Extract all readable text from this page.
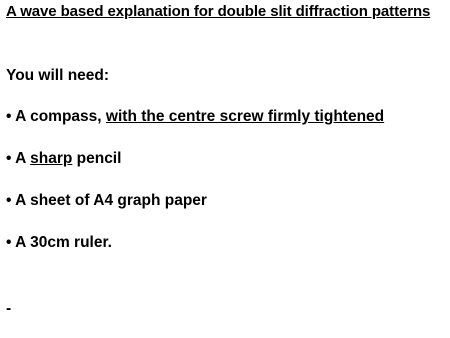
A wave based explanation for double slit diffraction patterns
You will need:
• A compass, with the centre screw firmly tightened
• A sharp pencil
• A sheet of A4 graph paper
• A 30cm ruler.
-
